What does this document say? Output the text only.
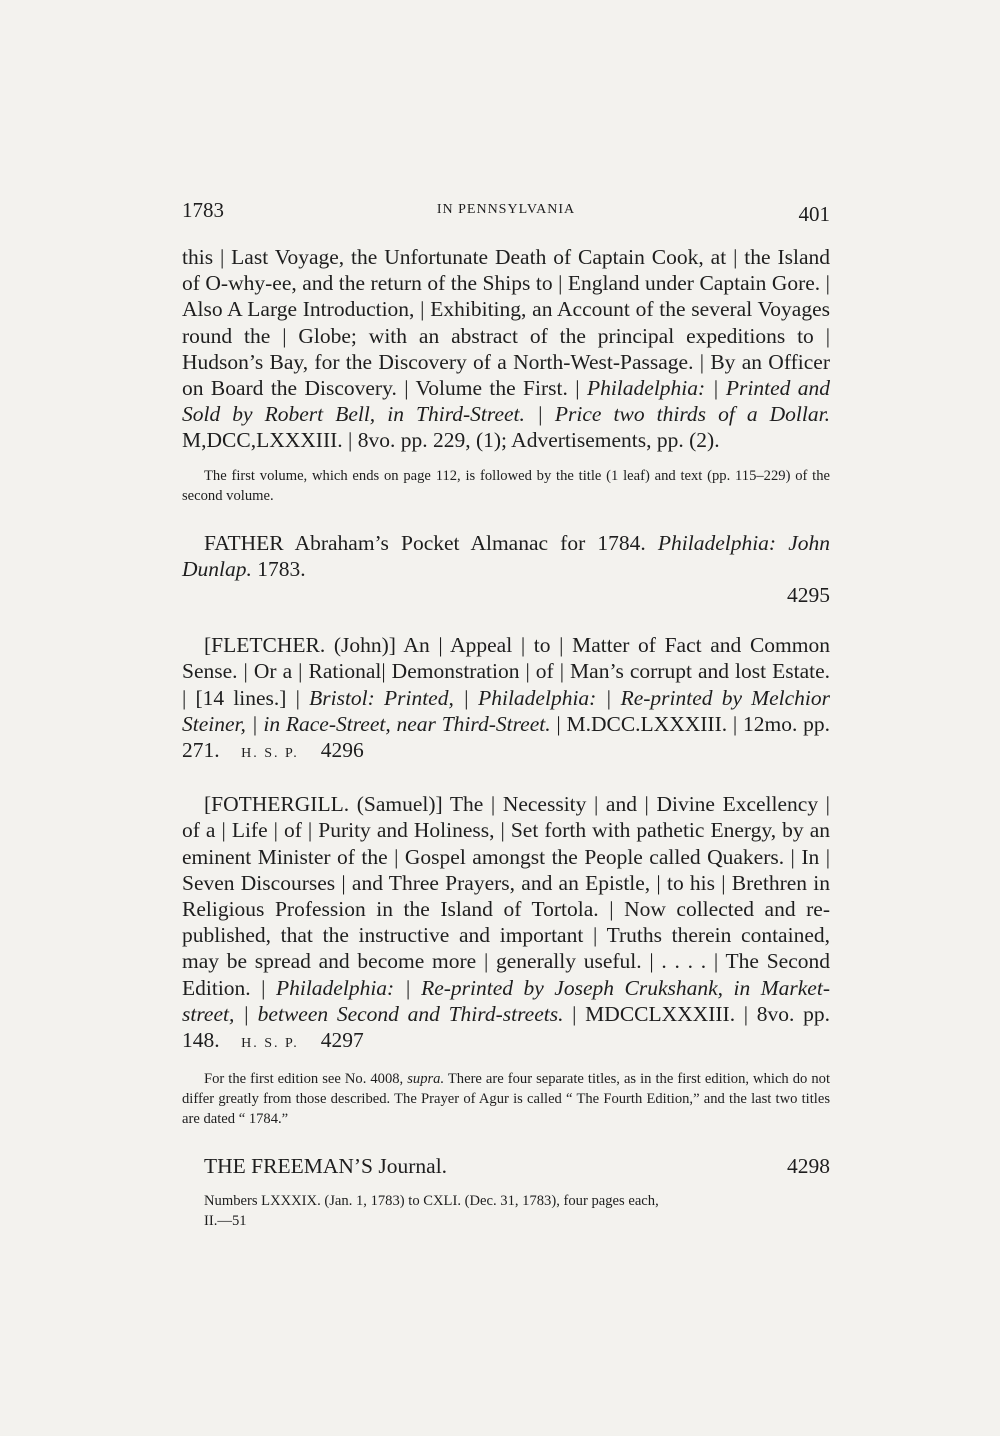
1783	IN PENNSYLVANIA	401

this | Last Voyage, the Unfortunate Death of Captain Cook, at | the Island of O-why-ee, and the return of the Ships to | England under Captain Gore. | Also A Large Introduction, | Exhibiting, an Account of the several Voyages round the | Globe; with an abstract of the principal expeditions to | Hudson’s Bay, for the Discovery of a North-West-Passage. | By an Officer on Board the Discovery. | Volume the First. | Philadelphia: | Printed and Sold by Robert Bell, in Third-Street. | Price two thirds of a Dollar. M,DCC,LXXXIII. | 8vo. pp. 229, (1); Advertisements, pp. (2).

The first volume, which ends on page 112, is followed by the title (1 leaf) and text (pp. 115–229) of the second volume.

FATHER Abraham’s Pocket Almanac for 1784. Philadelphia: John Dunlap. 1783.
4295

[FLETCHER. (John)] An | Appeal | to | Matter of Fact and Common Sense. | Or a | Rational| Demonstration | of | Man’s corrupt and lost Estate. | [14 lines.] | Bristol: Printed, | Philadelphia: | Re-printed by Melchior Steiner, | in Race-Street, near Third-Street. | M.DCC.LXXXIII. | 12mo. pp. 271. H. S. P. 4296

[FOTHERGILL. (Samuel)] The | Necessity | and | Divine Excellency | of a | Life | of | Purity and Holiness, | Set forth with pathetic Energy, by an eminent Minister of the | Gospel amongst the People called Quakers. | In | Seven Discourses | and Three Prayers, and an Epistle, | to his | Brethren in Religious Profession in the Island of Tortola. | Now collected and re-published, that the instructive and important | Truths therein contained, may be spread and become more | generally useful. | . . . . | The Second Edition. | Philadelphia: | Re-printed by Joseph Crukshank, in Market-street, | between Second and Third-streets. | MDCCLXXXIII. | 8vo. pp. 148. H. S. P. 4297

For the first edition see No. 4008, supra. There are four separate titles, as in the first edition, which do not differ greatly from those described. The Prayer of Agur is called “ The Fourth Edition,” and the last two titles are dated “ 1784.”

THE FREEMAN’S Journal.	4298

Numbers LXXXIX. (Jan. 1, 1783) to CXLI. (Dec. 31, 1783), four pages each,

II.—51
